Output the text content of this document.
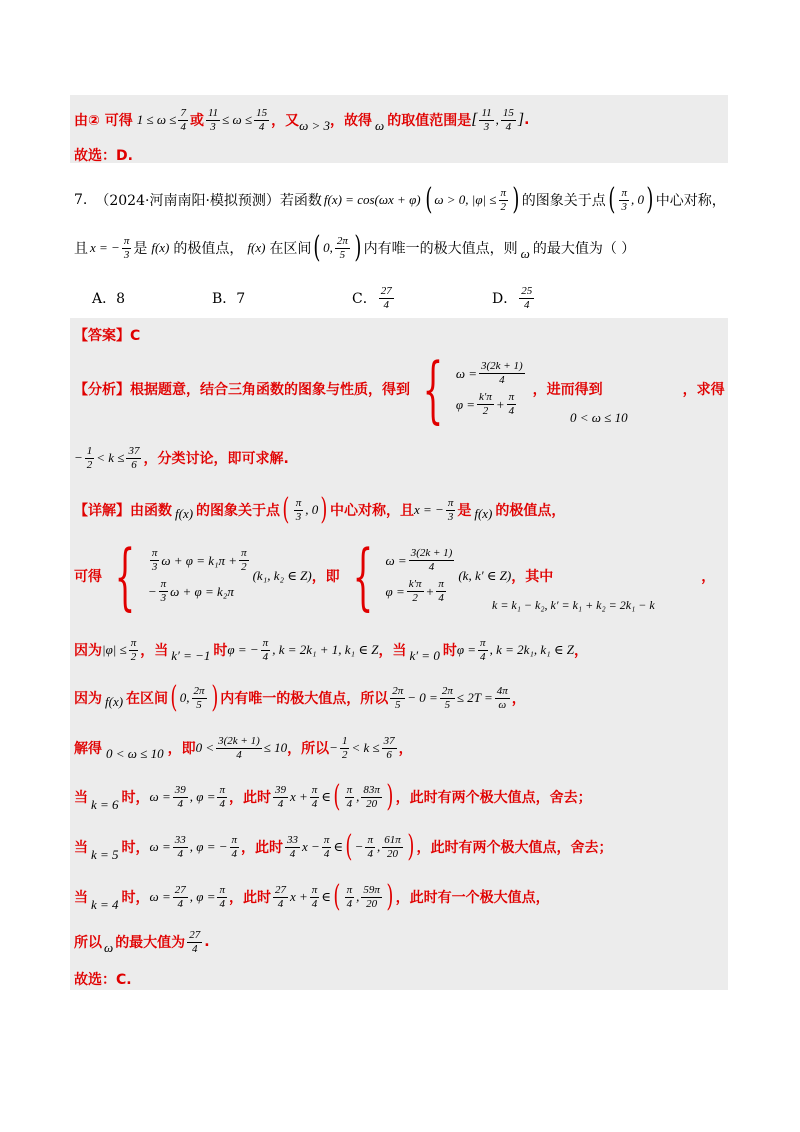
由② 可得 $1 \le \omega \le \frac{7}{4}$ 或 $\frac{11}{3} \le \omega \le \frac{15}{4}$ ，又 ω > 3 ，故得 ω 的取值范围是 [ $\frac{11}{3}$ , $\frac{15}{4}$ ] .
故选：D.
7. （2024·河南南阳·模拟预测）若函数 f(x) = cos(ωx + φ) ( ω > 0, $|\varphi| \le \frac{\pi}{2}$ ) 的图象关于点 ( $\frac{\pi}{3}$ , 0 ) 中心对称，
且 x = − $\frac{\pi}{3}$ 是 f(x) 的极值点， f(x) 在区间 ( 0, $\frac{2\pi}{5}$ ) 内有唯一的极大值点，则 ω 的最大值为（ ）
A．8	B．7	C． $\frac{27}{4}$	D． $\frac{25}{4}$
【答案】C
【分析】根据题意，结合三角函数的图象与性质，得到 { $\omega = \frac{3(2k + 1)}{4}$
$\varphi = \frac{k'\pi}{2} + \frac{\pi}{4}$
，进而得到	，求得
0 < ω ≤ 10
− $\frac{1}{2} < k \le \frac{37}{6}$ ，分类讨论，即可求解.
【详解】由函数 f(x) 的图象关于点 ( $\frac{\pi}{3}$ , 0 ) 中心对称，且 x = − $\frac{\pi}{3}$ 是 f(x) 的极值点，
可得 { $\frac{\pi}{3}$ $\omega + \varphi = k_1\pi + \frac{\pi}{2}$
− $\frac{\pi}{3}$ ω + φ = k₂π
(k₁, k₂ ∈ Z) ，即 { $\omega = \frac{3(2k + 1)}{4}$
$\varphi = \frac{k'\pi}{2} + \frac{\pi}{4}$
(k, k′ ∈ Z) ，其中	，
k = k₁ − k₂, k′ = k₁ + k₂ = 2k₁ − k
因为 $|\varphi| \le \frac{\pi}{2}$ ，当 k′ = −1 时 φ = − $\frac{\pi}{4}$ , k = 2k₁ + 1, k₁ ∈ Z ，当 k′ = 0 时 $\varphi = \frac{\pi}{4}$ , k = 2k₁, k₁ ∈ Z ，
因为 f(x) 在区间 ( 0, $\frac{2\pi}{5}$ ) 内有唯一的极大值点，所以 $\frac{2\pi}{5} - 0 = \frac{2\pi}{5} \le 2T = \frac{4\pi}{\omega}$ ，
解得 0 < ω ≤ 10 ，即 $0 < \frac{3(2k + 1)}{4} \le 10$ ，所以 − $\frac{1}{2} < k \le \frac{37}{6}$ ，
当 k = 6 时， $\omega = \frac{39}{4}$ , $\varphi = \frac{\pi}{4}$ ，此时 $\frac{39}{4}$ $x + \frac{\pi}{4}$ ∈ ( $\frac{\pi}{4}$ , $\frac{83\pi}{20}$ ) ，此时有两个极大值点，舍去；
当 k = 5 时， $\omega = \frac{33}{4}$ , φ = − $\frac{\pi}{4}$ ，此时 $\frac{33}{4}$ $x - \frac{\pi}{4}$ ∈ ( − $\frac{\pi}{4}$ , $\frac{61\pi}{20}$ ) ，此时有两个极大值点，舍去；
当 k = 4 时， $\omega = \frac{27}{4}$ , $\varphi = \frac{\pi}{4}$ ，此时 $\frac{27}{4}$ $x + \frac{\pi}{4}$ ∈ ( $\frac{\pi}{4}$ , $\frac{59\pi}{20}$ ) ，此时有一个极大值点，
所以 ω 的最大值为 $\frac{27}{4}$ .
故选：C.
